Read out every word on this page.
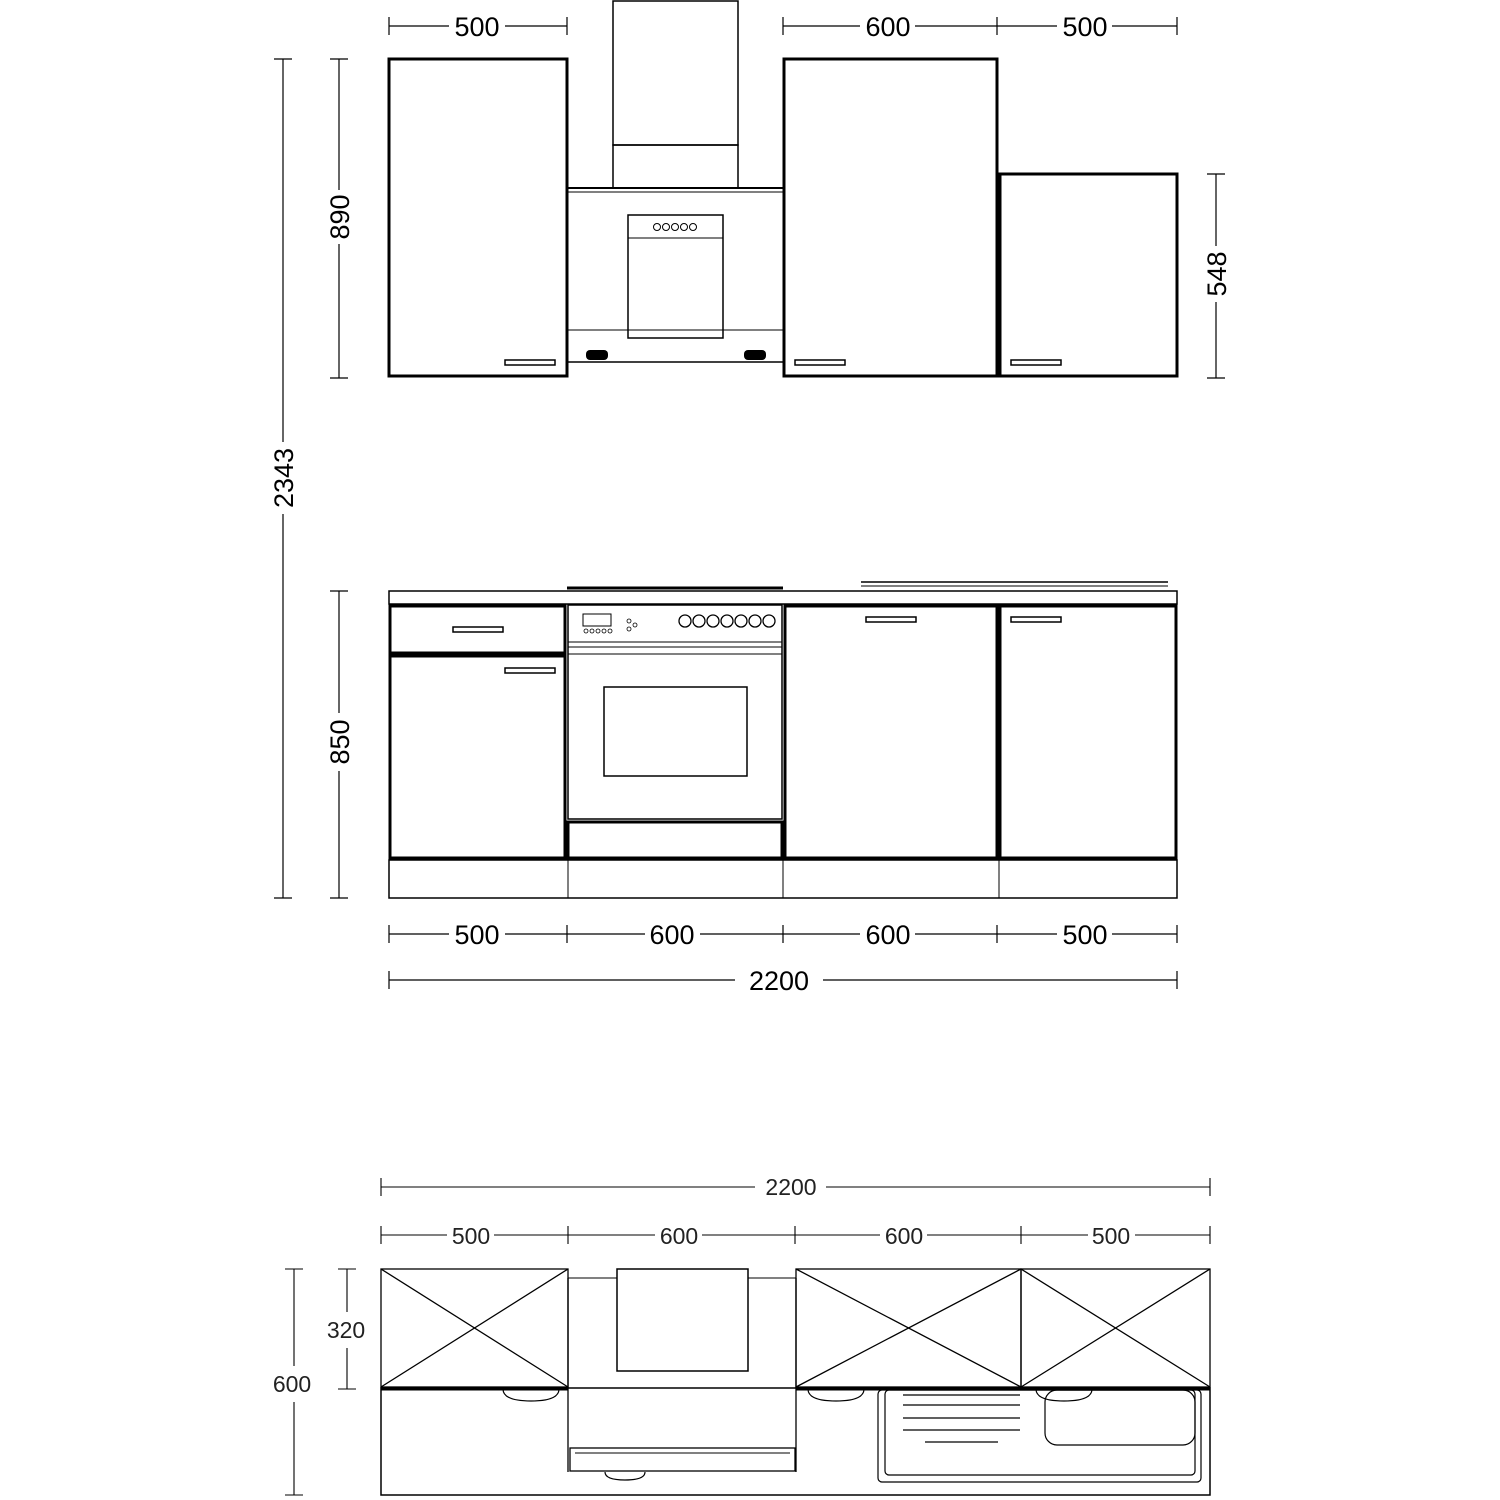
500	600	500
890
548
2343
850
500	600	600	500
2200
2200
500	600	600	500
320
600
